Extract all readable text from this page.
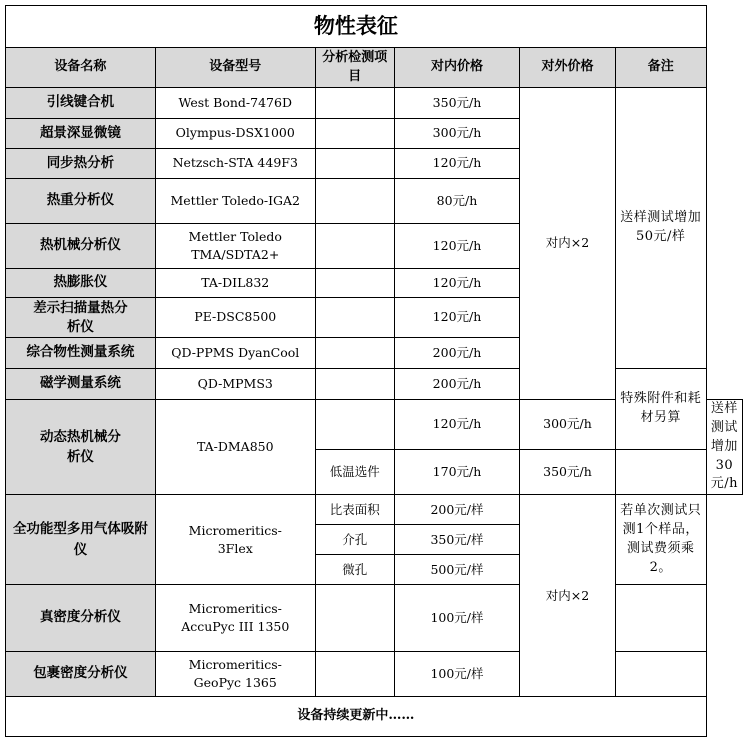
物性表征						
设备名称	设备型号	分析检测项目	对内价格	对外价格	备注	
引线键合机	West Bond-7476D		350元/h	对内×2	送样测试增加50元/样	
超景深显微镜	Olympus-DSX1000		300元/h			
同步热分析	Netzsch-STA 449F3		120元/h			
热重分析仪	Mettler Toledo-IGA2		80元/h			
热机械分析仪	Mettler Toledo TMA/SDTA2+		120元/h			
热膨胀仪	TA-DIL832		120元/h			

差示扫描量热分析仪	PE-DSC8500		120元/h			
综合物性测量系统	QD-PPMS DyanCool		200元/h			
磁学测量系统	QD-MPMS3		200元/h		特殊附件和耗材另算	

动态热机械分析仪	TA-DMA850		120元/h	300元/h		送样测试增加30元/h
		低温选件	170元/h	350元/h		

全功能型多用气体吸附仪	Micromeritics-3Flex	比表面积	200元/样	对内×2	若单次测试只测1个样品，测试费须乘2。	

		介孔	350元/样			
		微孔	500元/样			
真密度分析仪	Micromeritics-AccuPyc III 1350		100元/样			
包裹密度分析仪	Micromeritics-GeoPyc 1365		100元/样			
设备持续更新中……						
